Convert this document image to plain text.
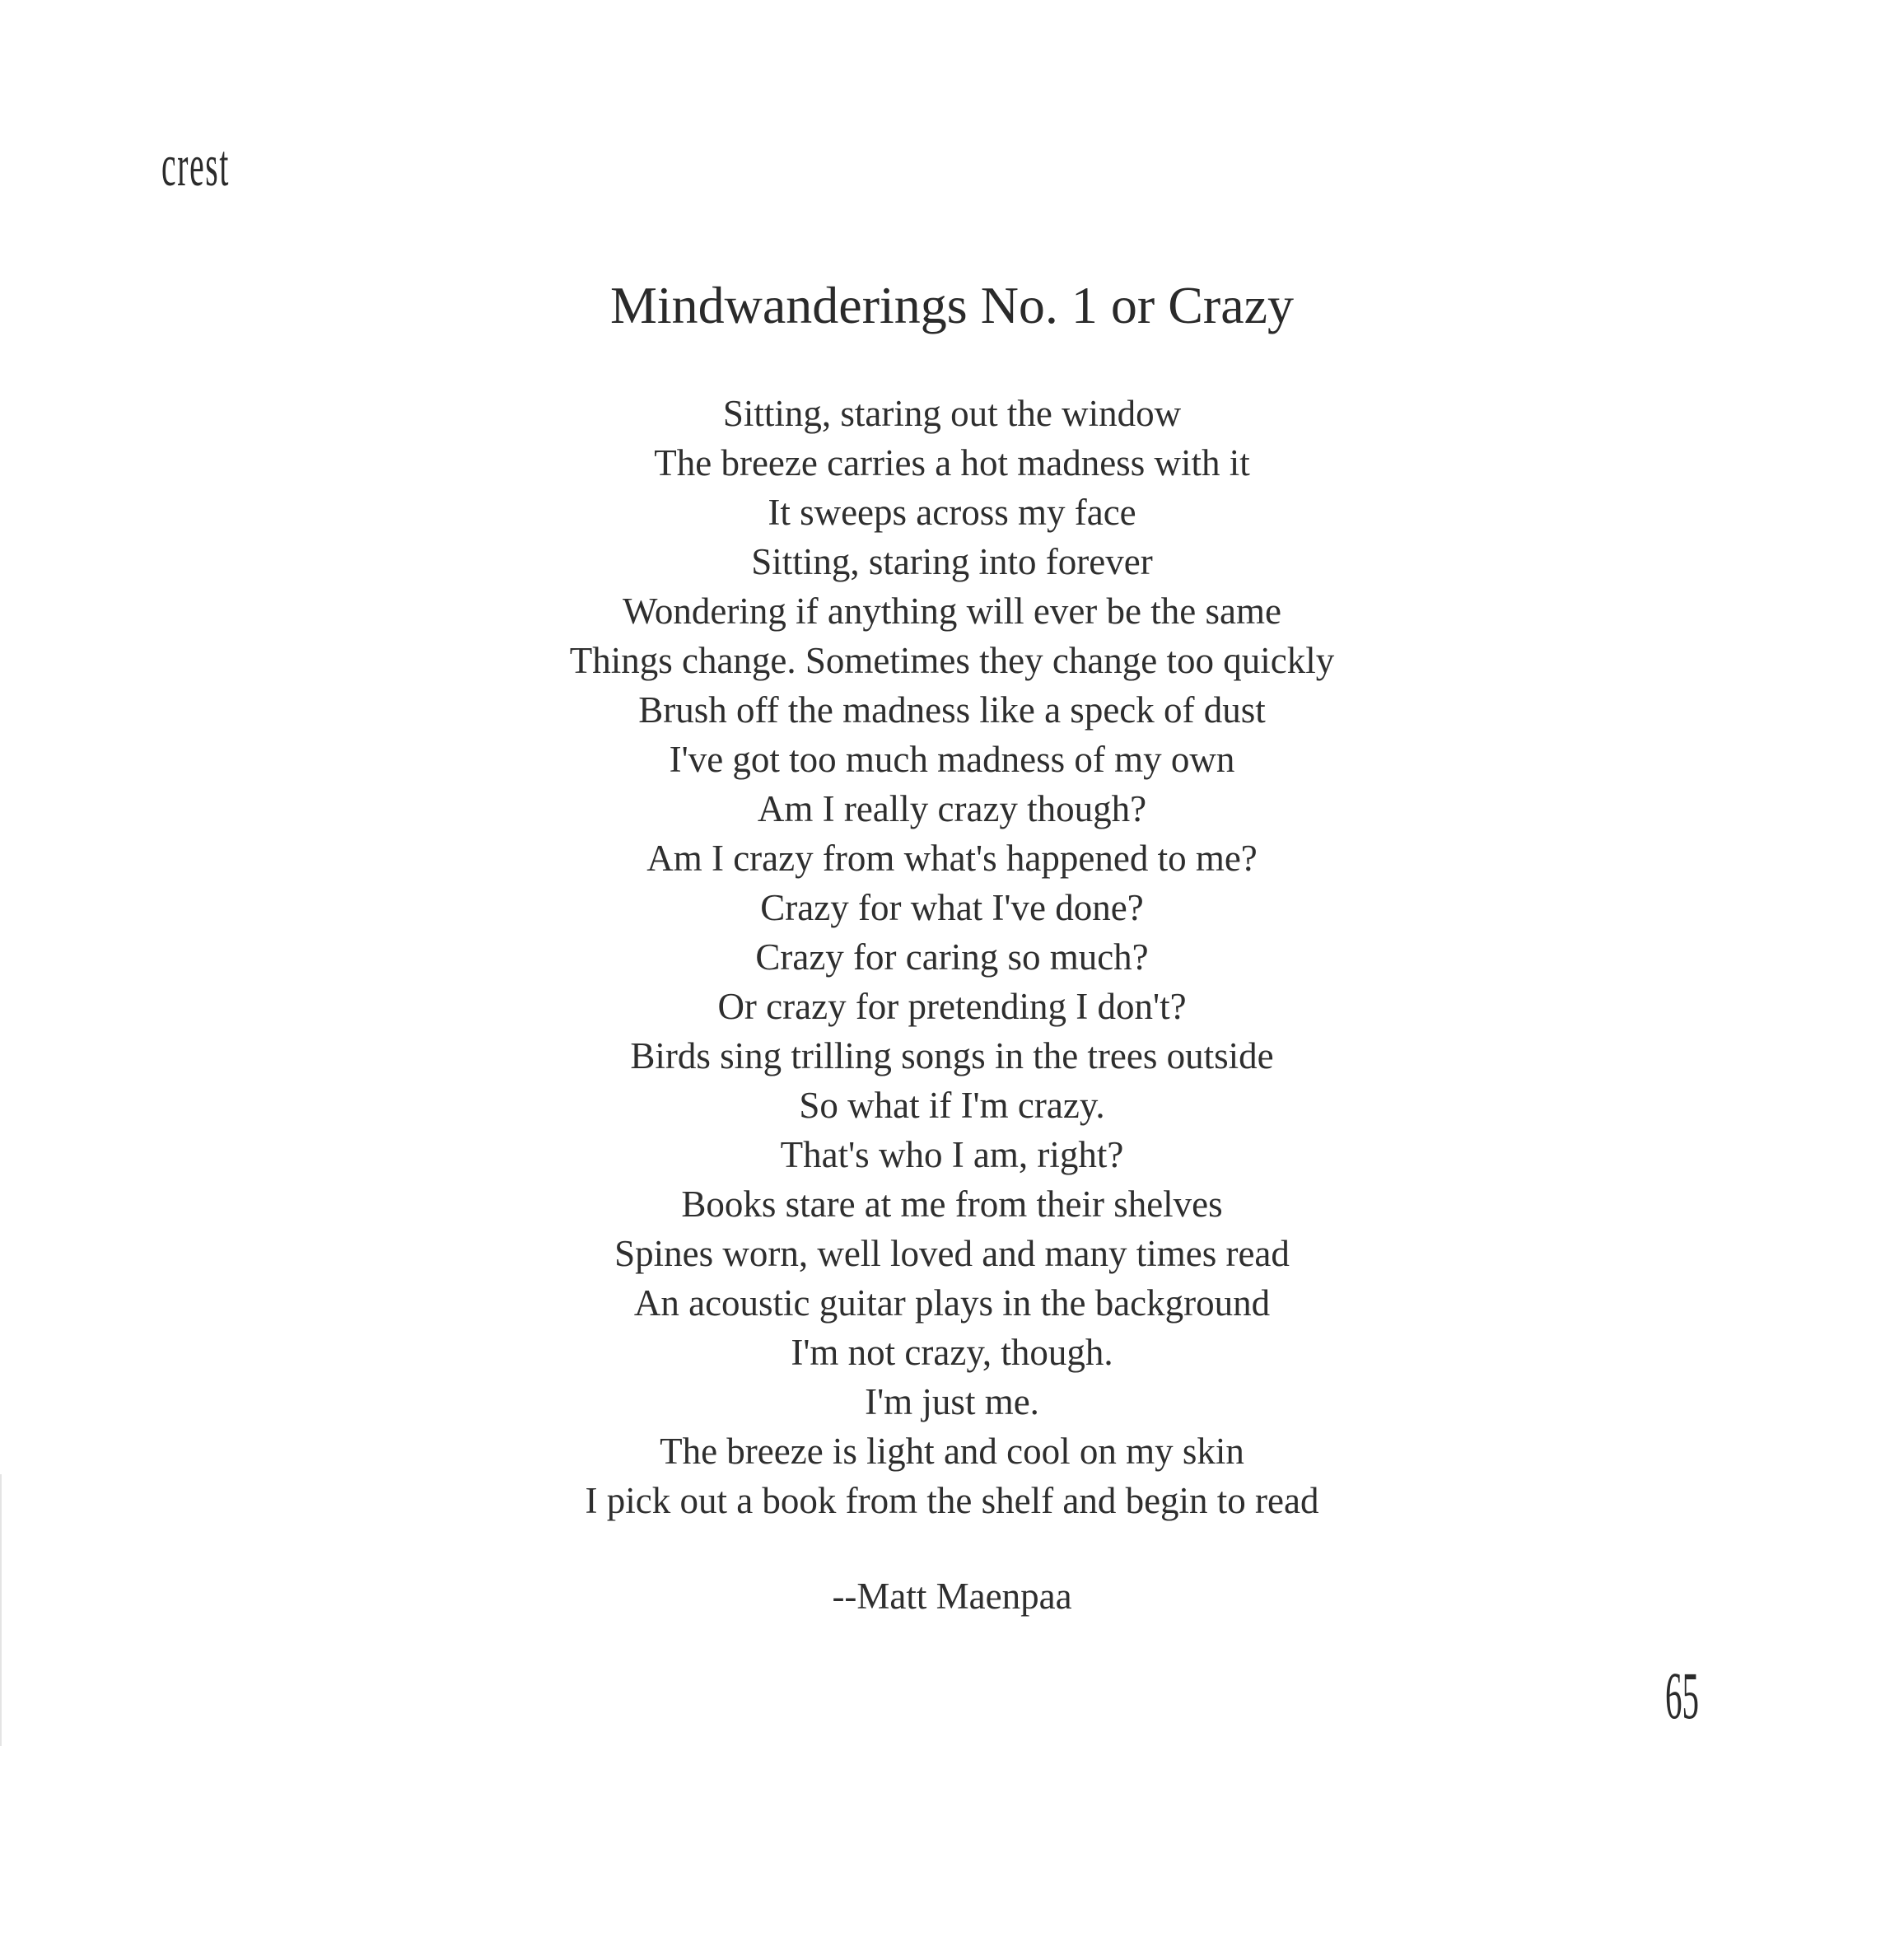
crest
Mindwanderings No. 1 or Crazy
Sitting, staring out the window
The breeze carries a hot madness with it
It sweeps across my face
Sitting, staring into forever
Wondering if anything will ever be the same
Things change. Sometimes they change too quickly
Brush off the madness like a speck of dust
I've got too much madness of my own
Am I really crazy though?
Am I crazy from what's happened to me?
Crazy for what I've done?
Crazy for caring so much?
Or crazy for pretending I don't?
Birds sing trilling songs in the trees outside
So what if I'm crazy.
That's who I am, right?
Books stare at me from their shelves
Spines worn, well loved and many times read
An acoustic guitar plays in the background
I'm not crazy, though.
I'm just me.
The breeze is light and cool on my skin
I pick out a book from the shelf and begin to read
--Matt Maenpaa
65
